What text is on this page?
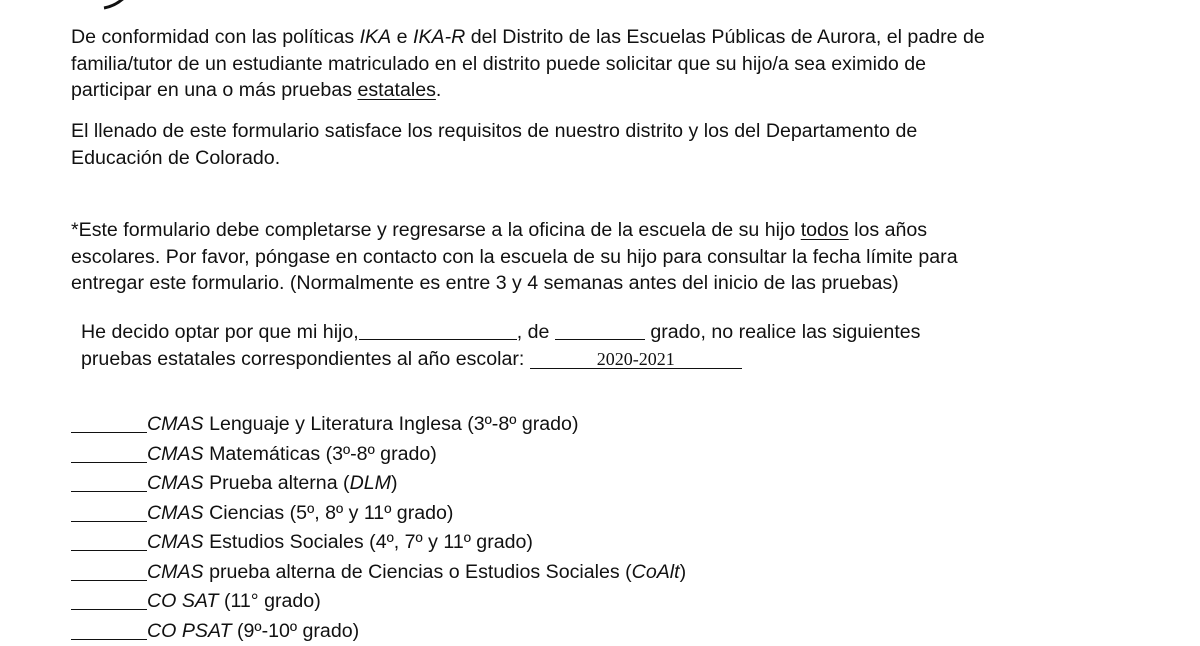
De conformidad con las políticas IKA e IKA-R del Distrito de las Escuelas Públicas de Aurora, el padre de
familia/tutor de un estudiante matriculado en el distrito puede solicitar que su hijo/a sea eximido de
participar en una o más pruebas estatales.

El llenado de este formulario satisface los requisitos de nuestro distrito y los del Departamento de
Educación de Colorado.

*Este formulario debe completarse y regresarse a la oficina de la escuela de su hijo todos los años
escolares. Por favor, póngase en contacto con la escuela de su hijo para consultar la fecha límite para
entregar este formulario. (Normalmente es entre 3 y 4 semanas antes del inicio de las pruebas)

He decido optar por que mi hijo,	, de	grado, no realice las siguientes
pruebas estatales correspondientes al año escolar:	2020-2021

CMAS Lenguaje y Literatura Inglesa (3º-8º grado)
CMAS Matemáticas (3º-8º grado)
CMAS Prueba alterna (DLM)
CMAS Ciencias (5º, 8º y 11º grado)
CMAS Estudios Sociales (4º, 7º y 11º grado)
CMAS prueba alterna de Ciencias o Estudios Sociales (CoAlt)
CO SAT (11° grado)
CO PSAT (9º-10º grado)
